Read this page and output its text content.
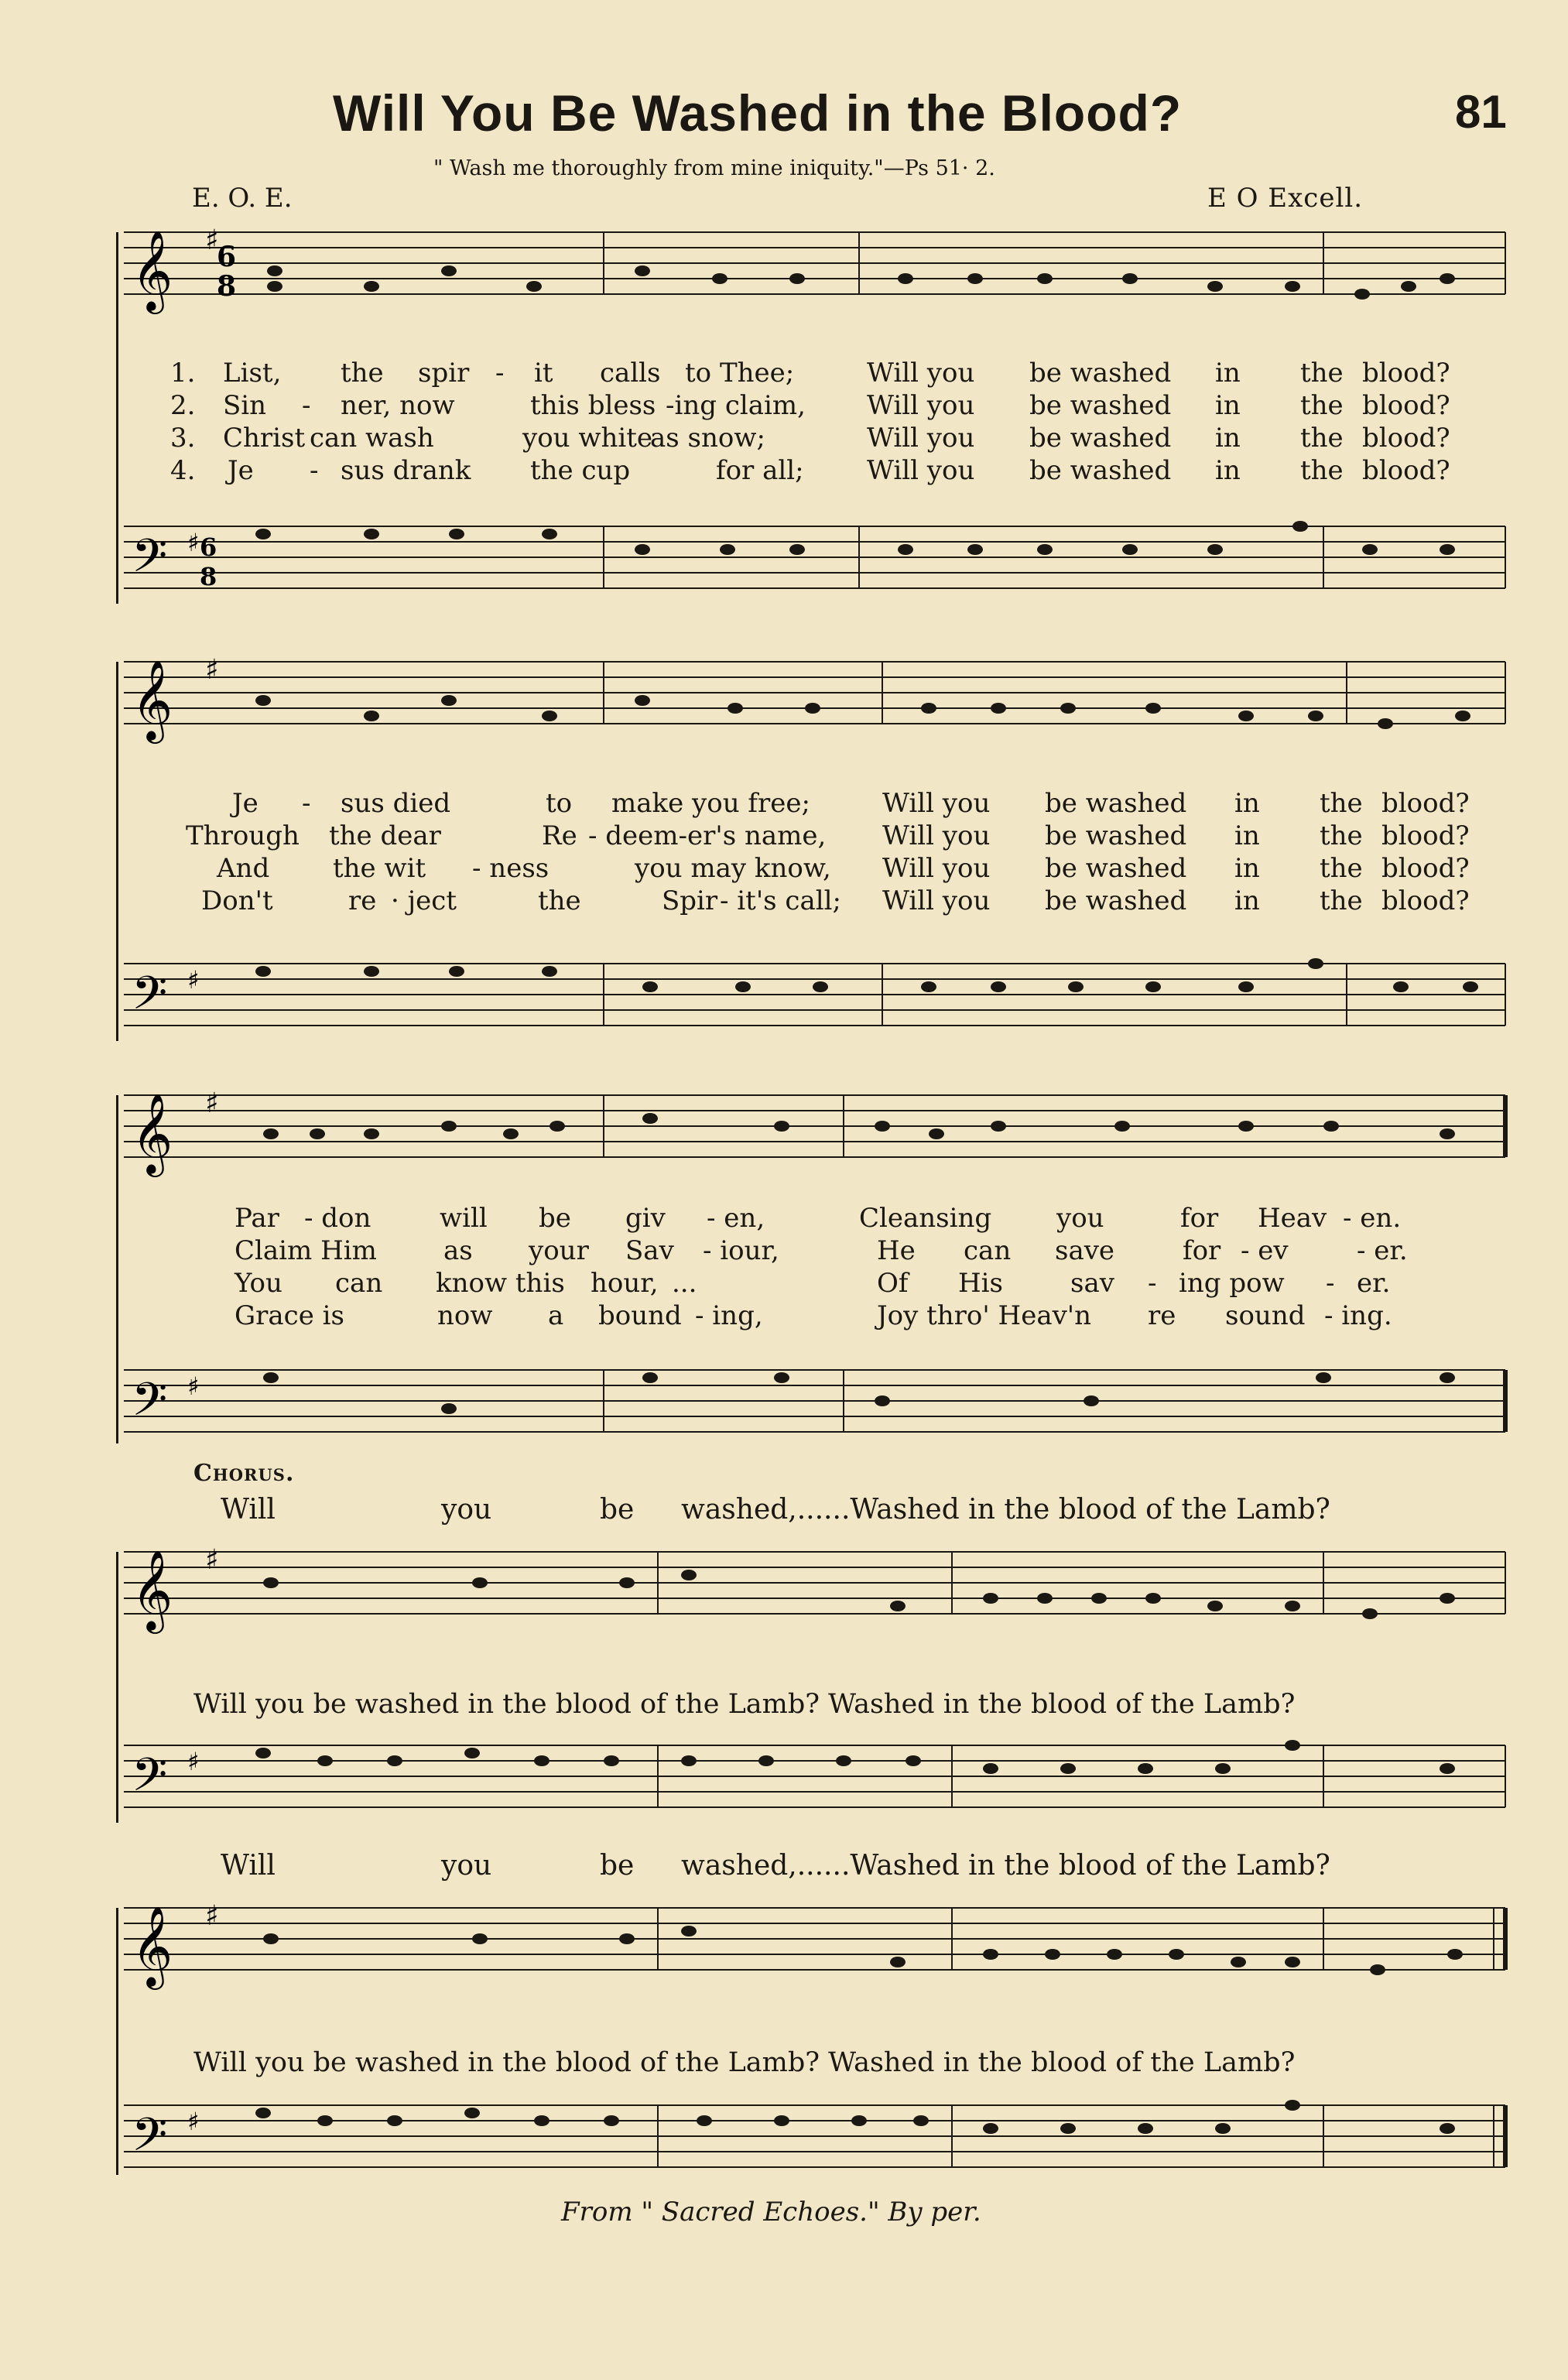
Will You Be Washed in the Blood?	81
" Wash me thoroughly from mine iniquity."—Ps 51· 2.
E. O. E.	E O Excell.
𝄞 ♯
6
8
𝄢 ♯ 6
8
1. List, the spir - it calls to Thee;	Will you be washed in the blood?
2. Sin - ner, now	this bless -ing claim, Will you be washed in the blood?
3. Christ can wash	you white
as snow;	Will you be washed in the blood?
4. Je - sus drank the cup	for all; Will you be washed in the blood?
𝄞 ♯
𝄢 ♯
Je - sus died	to make you free;	Will you be washed in the blood?
Through the dear	Re - deem-er's name, Will you be washed in the blood?
And the wit - ness	you may know, Will you be washed in the blood?
Don't	re · ject	the	Spir - it's call; Will you be washed in the blood?
𝄞 ♯
𝄢 ♯
Par - don	will be giv - en,	Cleansing you	for Heav - en.
Claim Him	as your Sav - iour,	He can save	for - ev	- er.
You can know this hour, ...	Of His	sav - ing pow - er.
Grace is	now a bound - ing,	Joy thro' Heav'n re sound - ing.
Chorus.
Will	you	be washed,......Washed in the blood of the Lamb?
𝄞 ♯
𝄢 ♯
Will you be washed in the blood of the Lamb? Washed in the blood of the Lamb?
Will	you	be washed,......Washed in the blood of the Lamb?
𝄞 ♯
𝄢 ♯
Will you be washed in the blood of the Lamb? Washed in the blood of the Lamb?
From " Sacred Echoes." By per.
